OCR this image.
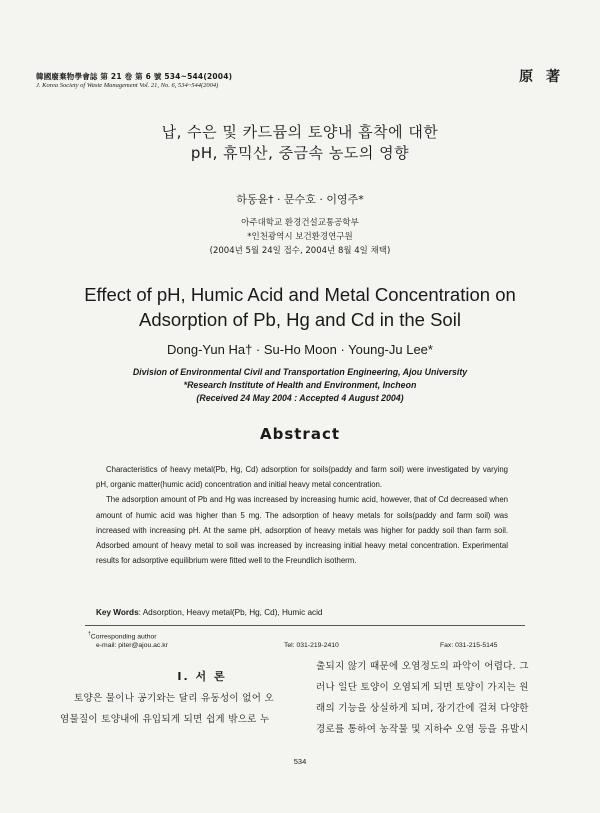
韓國廢棄物學會誌 第 21 卷 第 6 號 534~544(2004)
J. Korea Society of Waste Management Vol. 21, No. 6, 534~544(2004)
原 著
납, 수은 및 카드뮴의 토양내 흡착에 대한
pH, 휴믹산, 중금속 농도의 영향
하동윤† · 문수호 · 이영주*
아주대학교 환경건설교통공학부
*인천광역시 보건환경연구원
(2004년 5월 24일 접수, 2004년 8월 4일 채택)
Effect of pH, Humic Acid and Metal Concentration on
Adsorption of Pb, Hg and Cd in the Soil
Dong-Yun Ha† · Su-Ho Moon · Young-Ju Lee*
Division of Environmental Civil and Transportation Engineering, Ajou University
*Research Institute of Health and Environment, Incheon
(Received 24 May 2004 : Accepted 4 August 2004)
Abstract

Characteristics of heavy metal(Pb, Hg, Cd) adsorption for soils(paddy and farm soil) were investigated by varying pH, organic matter(humic acid) concentration and initial heavy metal concentration.

The adsorption amount of Pb and Hg was increased by increasing humic acid, however, that of Cd decreased when amount of humic acid was higher than 5 mg. The adsorption of heavy metals for soils(paddy and farm soil) was increased with increasing pH. At the same pH, adsorption of heavy metals was higher for paddy soil than farm soil. Adsorbed amount of heavy metal to soil was increased by increasing initial heavy metal concentration. Experimental results for adsorptive equilibrium were fitted well to the Freundlich isotherm.

Key Words: Adsorption, Heavy metal(Pb, Hg, Cd), Humic acid
†Corresponding author
e-mail: piter@ajou.ac.kr	Tel: 031-219-2410	Fax: 031-215-5145
I. 서 론
토양은 물이나 공기와는 달리 유동성이 없어 오
염물질이 토양내에 유입되게 되면 쉽게 밖으로 누
출되지 않기 때문에 오염정도의 파악이 어렵다. 그
러나 일단 토양이 오염되게 되면 토양이 가지는 원
래의 기능을 상실하게 되며, 장기간에 걸쳐 다양한
경로를 통하여 농작물 및 지하수 오염 등을 유발시
534
